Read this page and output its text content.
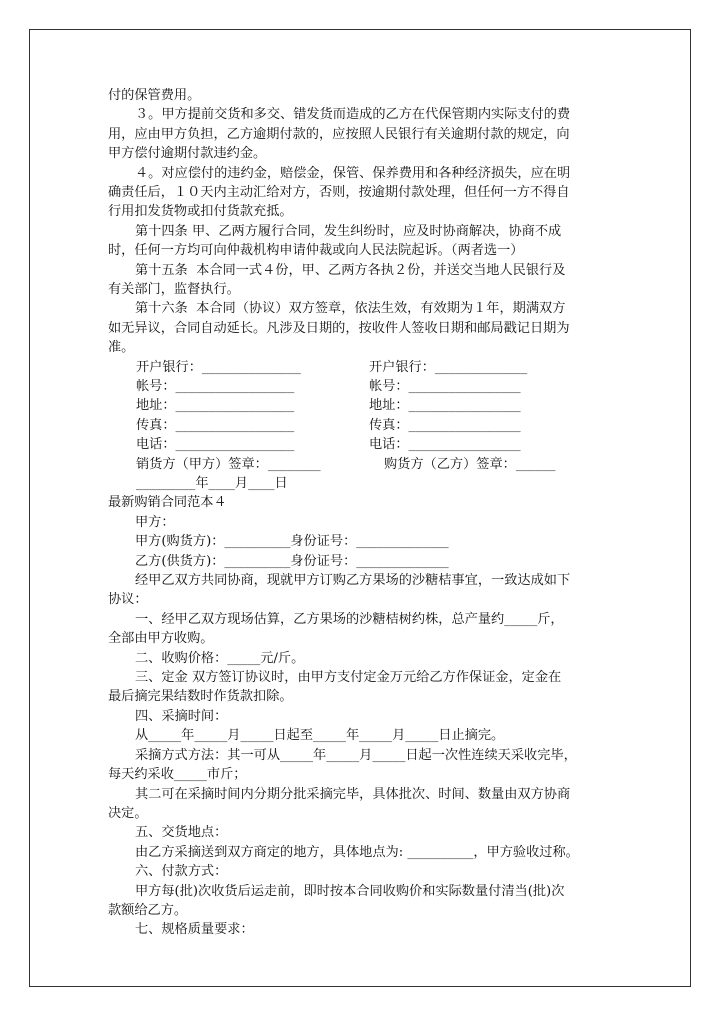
付的保管费用。

３。甲方提前交货和多交、错发货而造成的乙方在代保管期内实际支付的费

用，应由甲方负担，乙方逾期付款的，应按照人民银行有关逾期付款的规定，向

甲方偿付逾期付款违约金。

４。对应偿付的违约金，赔偿金，保管、保养费用和各种经济损失，应在明

确责任后，１０天内主动汇给对方，否则，按逾期付款处理，但任何一方不得自

行用扣发货物或扣付货款充抵。

第十四条 甲、乙两方履行合同，发生纠纷时，应及时协商解决，协商不成

时，任何一方均可向仲裁机构申请仲裁或向人民法院起诉。（两者选一）

第十五条  本合同一式４份，甲、乙两方各执２份，并送交当地人民银行及

有关部门，监督执行。

第十六条  本合同（协议）双方签章，依法生效，有效期为１年，期满双方

如无异议，合同自动延长。凡涉及日期的，按收件人签收日期和邮局戳记日期为

准。

开户银行：_______________	开户银行：______________
帐号：__________________	帐号：_________________
地址：__________________	地址：_________________
传真：__________________	传真：_________________
电话：__________________	电话：_________________
销货方（甲方）签章：________	购货方（乙方）签章：______
_________年____月____日

最新购销合同范本４

甲方：

甲方(购货方)：__________身份证号：______________

乙方(供货方)：__________身份证号：______________

经甲乙双方共同协商，现就甲方订购乙方果场的沙糖桔事宜，一致达成如下

协议：

一、经甲乙双方现场估算，乙方果场的沙糖桔树约株，总产量约_____斤，

全部由甲方收购。

二、收购价格：_____元/斤。

三、定金 双方签订协议时，由甲方支付定金万元给乙方作保证金，定金在

最后摘完果结数时作货款扣除。

四、采摘时间：

从_____年_____月_____日起至_____年_____月_____日止摘完。

采摘方式方法：其一可从_____年_____月_____日起一次性连续天采收完毕，

每天约采收_____市斤；

其二可在采摘时间内分期分批采摘完毕，具体批次、时间、数量由双方协商

决定。

五、交货地点：

由乙方采摘送到双方商定的地方，具体地点为: __________，甲方验收过称。

六、付款方式：

甲方每(批)次收货后运走前，即时按本合同收购价和实际数量付清当(批)次

款额给乙方。

七、规格质量要求：
